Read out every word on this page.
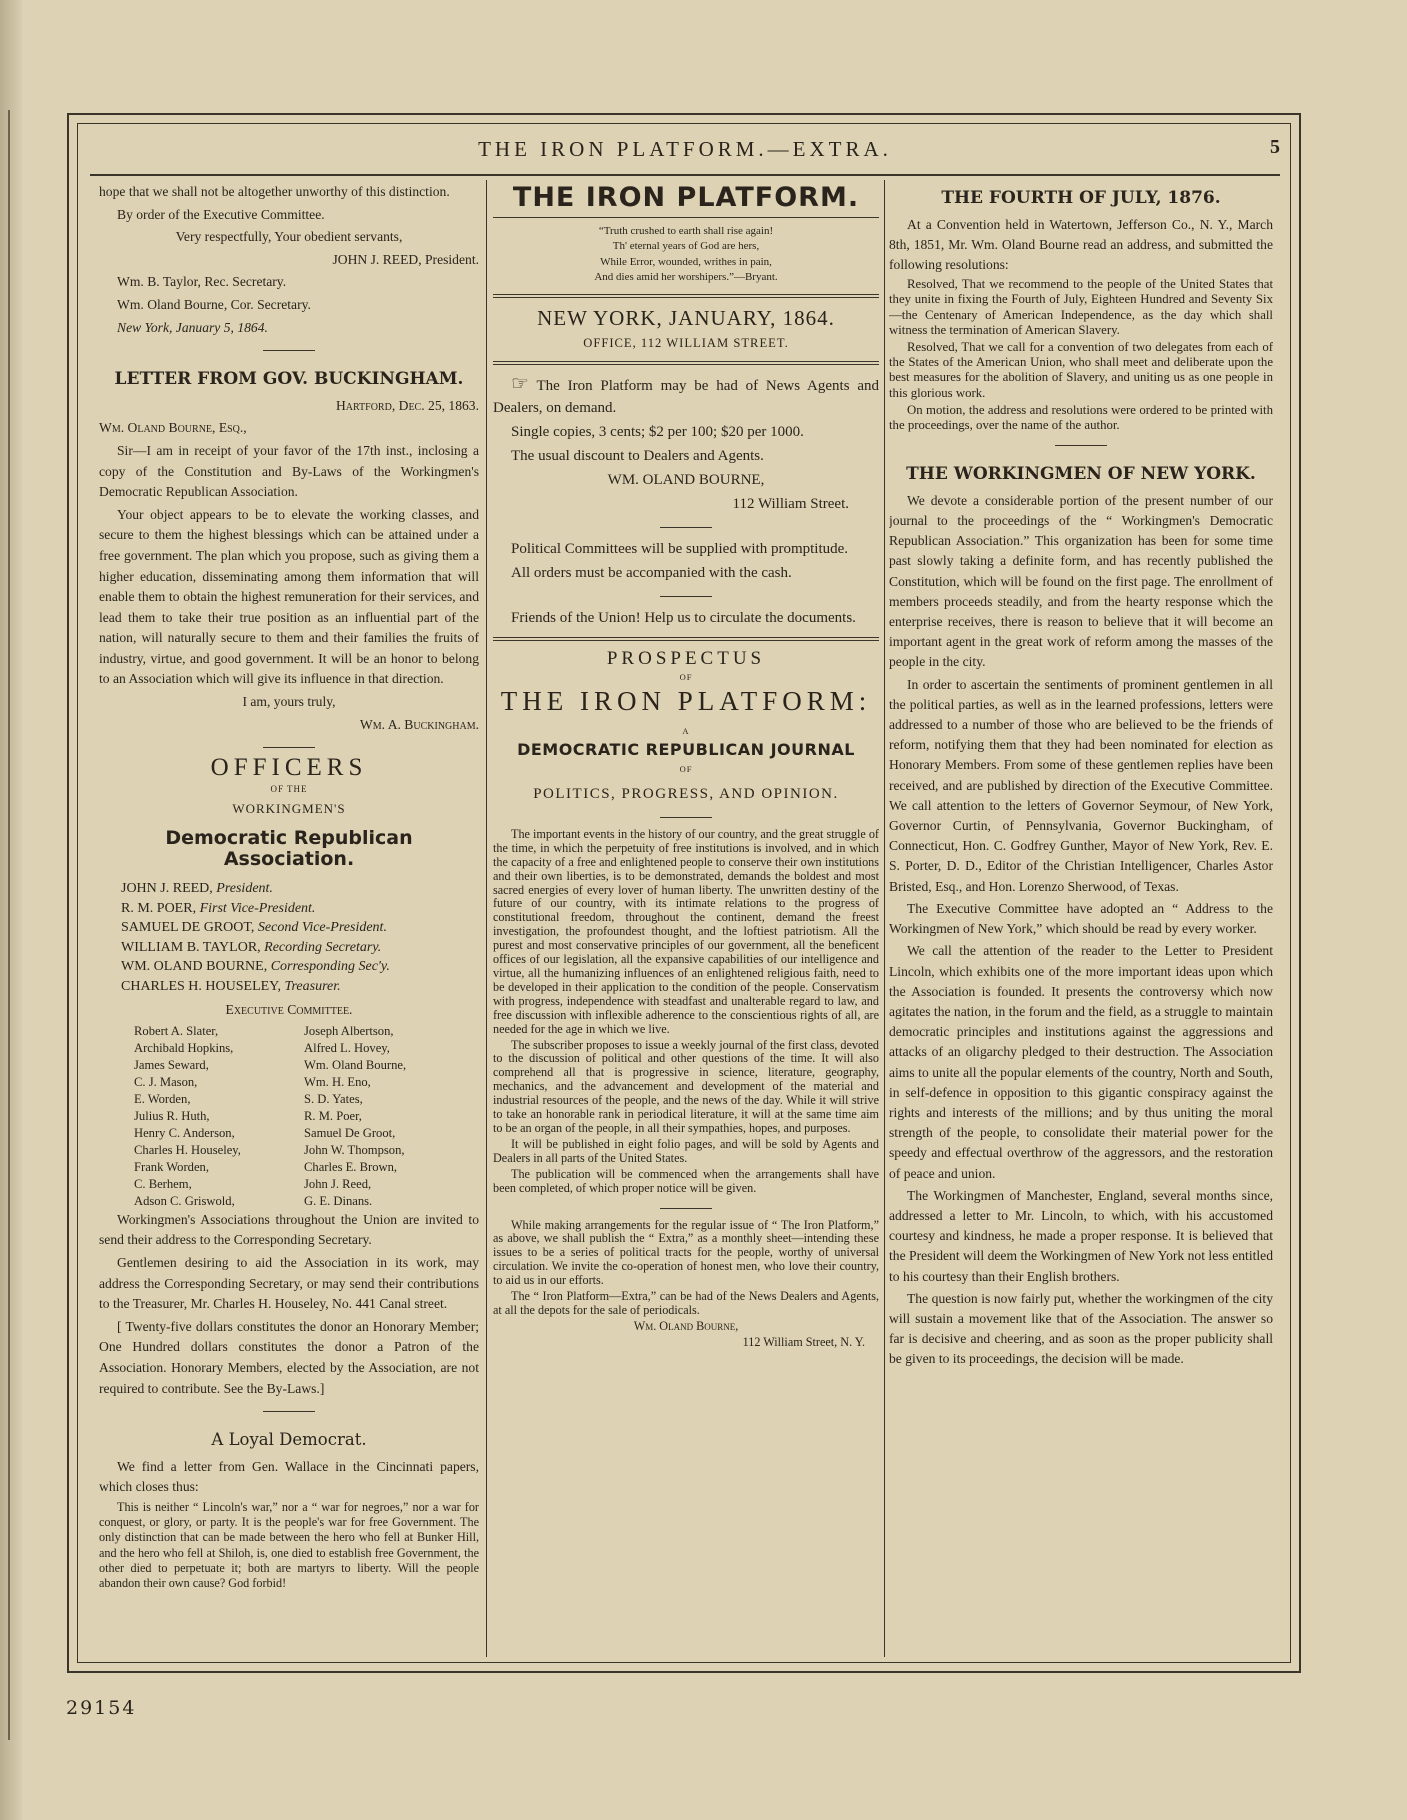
THE IRON PLATFORM.—EXTRA.	5

hope that we shall not be altogether unworthy of this distinction.

By order of the Executive Committee.

Very respectfully, Your obedient servants,

JOHN J. REED, President.

Wm. B. Taylor, Rec. Secretary.

Wm. Oland Bourne, Cor. Secretary.

New York, January 5, 1864.

LETTER FROM GOV. BUCKINGHAM.

Hartford, Dec. 25, 1863.

Wm. Oland Bourne, Esq.,

Sir—I am in receipt of your favor of the 17th inst., inclosing a copy of the Constitution and By-Laws of the Workingmen's Democratic Republican Association.

Your object appears to be to elevate the working classes, and secure to them the highest blessings which can be attained under a free government. The plan which you propose, such as giving them a higher education, disseminating among them information that will enable them to obtain the highest remuneration for their services, and lead them to take their true position as an influential part of the nation, will naturally secure to them and their families the fruits of industry, virtue, and good government. It will be an honor to belong to an Association which will give its influence in that direction.

I am, yours truly,

Wm. A. Buckingham.

OFFICERS
OF THE
WORKINGMEN'S
Democratic Republican Association.

JOHN J. REED, President.

R. M. POER, First Vice-President.

SAMUEL DE GROOT, Second Vice-President.

WILLIAM B. TAYLOR, Recording Secretary.

WM. OLAND BOURNE, Corresponding Sec'y.

CHARLES H. HOUSELEY, Treasurer.

Executive Committee.

Robert A. Slater,	Joseph Albertson,
Archibald Hopkins,	Alfred L. Hovey,
James Seward,	Wm. Oland Bourne,
C. J. Mason,	Wm. H. Eno,
E. Worden,	S. D. Yates,
Julius R. Huth,	R. M. Poer,
Henry C. Anderson,	Samuel De Groot,
Charles H. Houseley,	John W. Thompson,
Frank Worden,	Charles E. Brown,
C. Berhem,	John J. Reed,
Adson C. Griswold,	G. E. Dinans.

Workingmen's Associations throughout the Union are invited to send their address to the Corresponding Secretary.

Gentlemen desiring to aid the Association in its work, may address the Corresponding Secretary, or may send their contributions to the Treasurer, Mr. Charles H. Houseley, No. 441 Canal street.

[ Twenty-five dollars constitutes the donor an Honorary Member; One Hundred dollars constitutes the donor a Patron of the Association. Honorary Members, elected by the Association, are not required to contribute. See the By-Laws.]

A Loyal Democrat.

We find a letter from Gen. Wallace in the Cincinnati papers, which closes thus:

This is neither “ Lincoln's war,” nor a “ war for negroes,” nor a war for conquest, or glory, or party. It is the people's war for free Government. The only distinction that can be made between the hero who fell at Bunker Hill, and the hero who fell at Shiloh, is, one died to establish free Government, the other died to perpetuate it; both are martyrs to liberty. Will the people abandon their own cause? God forbid!

THE IRON PLATFORM.
“Truth crushed to earth shall rise again!
Th' eternal years of God are hers,
While Error, wounded, writhes in pain,
And dies amid her worshipers.”—Bryant.
NEW YORK, JANUARY, 1864.
OFFICE, 112 WILLIAM STREET.

☞ The Iron Platform may be had of News Agents and Dealers, on demand.

Single copies, 3 cents; $2 per 100; $20 per 1000.

The usual discount to Dealers and Agents.

WM. OLAND BOURNE,

112 William Street.

Political Committees will be supplied with promptitude.

All orders must be accompanied with the cash.

Friends of the Union! Help us to circulate the documents.

PROSPECTUS
OF
THE IRON PLATFORM:
A
DEMOCRATIC REPUBLICAN JOURNAL
OF
POLITICS, PROGRESS, AND OPINION.

The important events in the history of our country, and the great struggle of the time, in which the perpetuity of free institutions is involved, and in which the capacity of a free and enlightened people to conserve their own institutions and their own liberties, is to be demonstrated, demands the boldest and most sacred energies of every lover of human liberty. The unwritten destiny of the future of our country, with its intimate relations to the progress of constitutional freedom, throughout the continent, demand the freest investigation, the profoundest thought, and the loftiest patriotism. All the purest and most conservative principles of our government, all the beneficent offices of our legislation, all the expansive capabilities of our intelligence and virtue, all the humanizing influences of an enlightened religious faith, need to be developed in their application to the condition of the people. Conservatism with progress, independence with steadfast and unalterable regard to law, and free discussion with inflexible adherence to the conscientious rights of all, are needed for the age in which we live.

The subscriber proposes to issue a weekly journal of the first class, devoted to the discussion of political and other questions of the time. It will also comprehend all that is progressive in science, literature, geography, mechanics, and the advancement and development of the material and industrial resources of the people, and the news of the day. While it will strive to take an honorable rank in periodical literature, it will at the same time aim to be an organ of the people, in all their sympathies, hopes, and purposes.

It will be published in eight folio pages, and will be sold by Agents and Dealers in all parts of the United States.

The publication will be commenced when the arrangements shall have been completed, of which proper notice will be given.

While making arrangements for the regular issue of “ The Iron Platform,” as above, we shall publish the “ Extra,” as a monthly sheet—intending these issues to be a series of political tracts for the people, worthy of universal circulation. We invite the co-operation of honest men, who love their country, to aid us in our efforts.

The “ Iron Platform—Extra,” can be had of the News Dealers and Agents, at all the depots for the sale of periodicals.

Wm. Oland Bourne,

112 William Street, N. Y.

THE FOURTH OF JULY, 1876.

At a Convention held in Watertown, Jefferson Co., N. Y., March 8th, 1851, Mr. Wm. Oland Bourne read an address, and submitted the following resolutions:

Resolved, That we recommend to the people of the United States that they unite in fixing the Fourth of July, Eighteen Hundred and Seventy Six—the Centenary of American Independence, as the day which shall witness the termination of American Slavery.

Resolved, That we call for a convention of two delegates from each of the States of the American Union, who shall meet and deliberate upon the best measures for the abolition of Slavery, and uniting us as one people in this glorious work.

On motion, the address and resolutions were ordered to be printed with the proceedings, over the name of the author.

THE WORKINGMEN OF NEW YORK.

We devote a considerable portion of the present number of our journal to the proceedings of the “ Workingmen's Democratic Republican Association.” This organization has been for some time past slowly taking a definite form, and has recently published the Constitution, which will be found on the first page. The enrollment of members proceeds steadily, and from the hearty response which the enterprise receives, there is reason to believe that it will become an important agent in the great work of reform among the masses of the people in the city.

In order to ascertain the sentiments of prominent gentlemen in all the political parties, as well as in the learned professions, letters were addressed to a number of those who are believed to be the friends of reform, notifying them that they had been nominated for election as Honorary Members. From some of these gentlemen replies have been received, and are published by direction of the Executive Committee. We call attention to the letters of Governor Seymour, of New York, Governor Curtin, of Pennsylvania, Governor Buckingham, of Connecticut, Hon. C. Godfrey Gunther, Mayor of New York, Rev. E. S. Porter, D. D., Editor of the Christian Intelligencer, Charles Astor Bristed, Esq., and Hon. Lorenzo Sherwood, of Texas.

The Executive Committee have adopted an “ Address to the Workingmen of New York,” which should be read by every worker.

We call the attention of the reader to the Letter to President Lincoln, which exhibits one of the more important ideas upon which the Association is founded. It presents the controversy which now agitates the nation, in the forum and the field, as a struggle to maintain democratic principles and institutions against the aggressions and attacks of an oligarchy pledged to their destruction. The Association aims to unite all the popular elements of the country, North and South, in self-defence in opposition to this gigantic conspiracy against the rights and interests of the millions; and by thus uniting the moral strength of the people, to consolidate their material power for the speedy and effectual overthrow of the aggressors, and the restoration of peace and union.

The Workingmen of Manchester, England, several months since, addressed a letter to Mr. Lincoln, to which, with his accustomed courtesy and kindness, he made a proper response. It is believed that the President will deem the Workingmen of New York not less entitled to his courtesy than their English brothers.

The question is now fairly put, whether the workingmen of the city will sustain a movement like that of the Association. The answer so far is decisive and cheering, and as soon as the proper publicity shall be given to its proceedings, the decision will be made.

29154
